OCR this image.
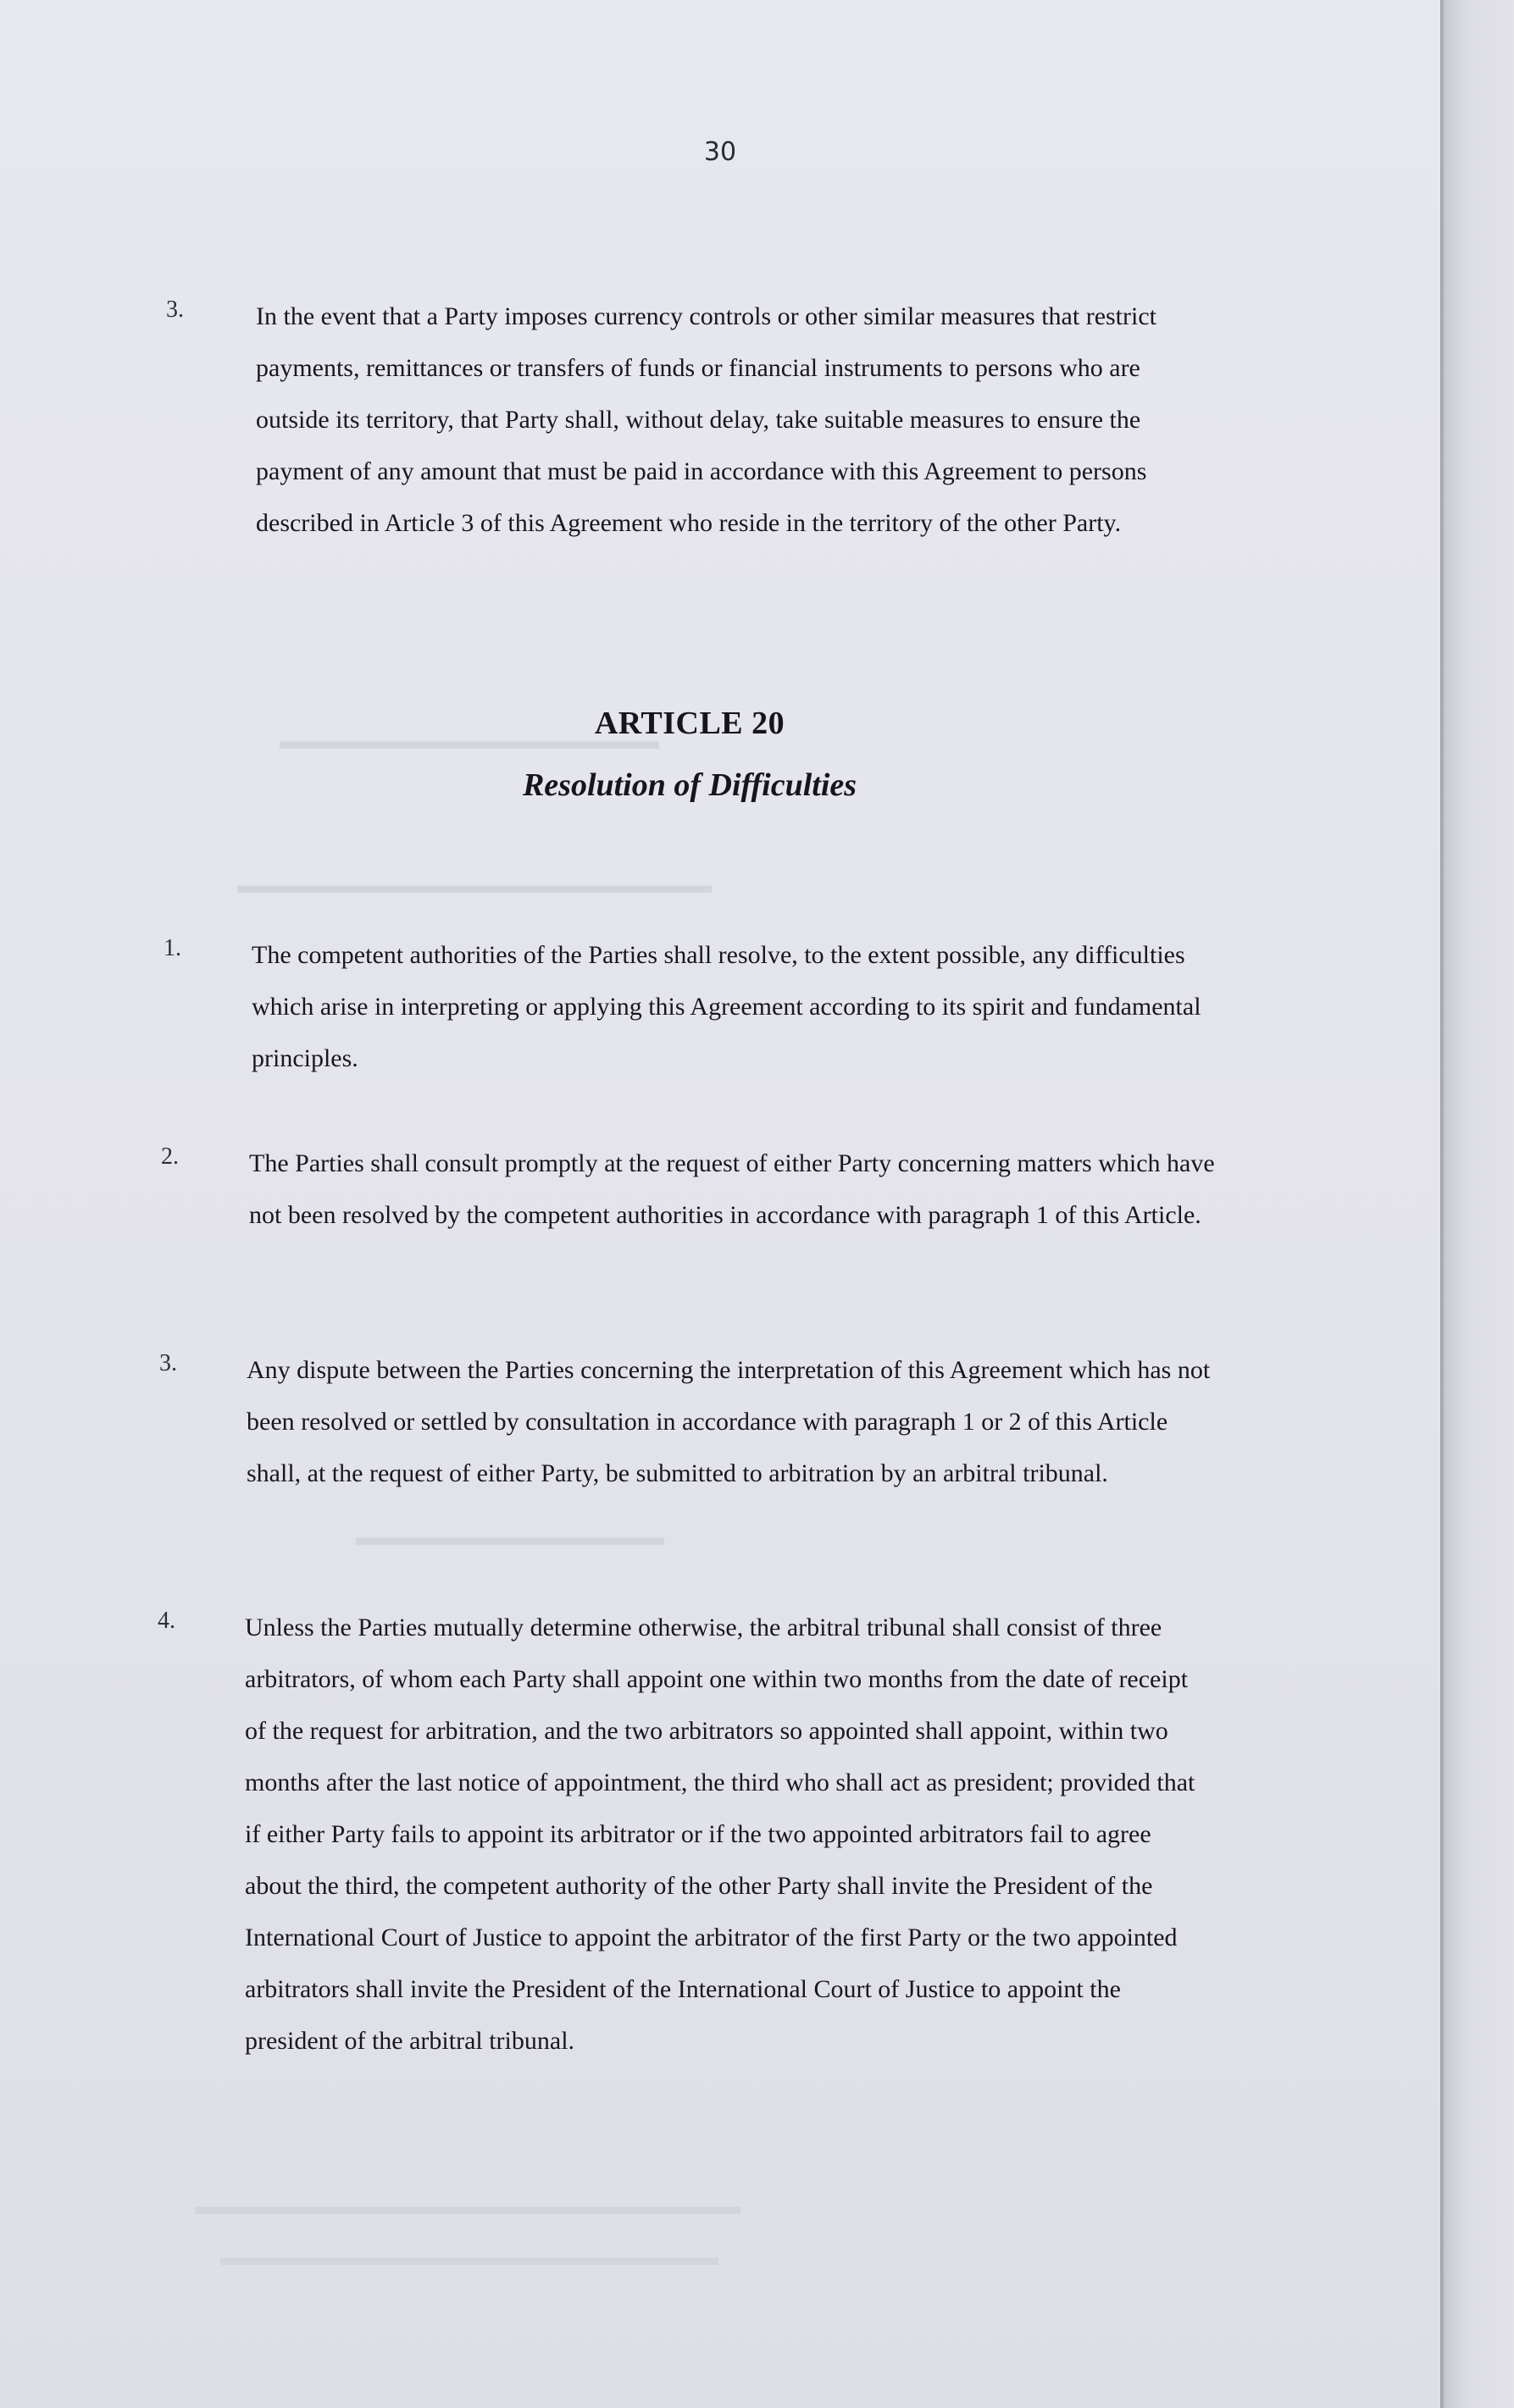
▬▬▬▬▬▬▬▬▬▬▬▬▬▬▬▬
▬▬▬▬▬▬▬▬▬▬▬▬▬▬▬▬▬▬▬▬
▬▬▬▬▬▬▬▬▬▬▬▬▬
▬▬▬▬▬▬▬▬▬▬▬▬▬▬▬▬▬▬▬▬▬▬▬
▬▬▬▬▬▬▬▬▬▬▬▬▬▬▬▬▬▬▬▬▬
30
3.	In the event that a Party imposes currency controls or other similar measures that restrict payments, remittances or transfers of funds or financial instruments to persons who are outside its territory, that Party shall, without delay, take suitable measures to ensure the payment of any amount that must be paid in accordance with this Agreement to persons described in Article 3 of this Agreement who reside in the territory of the other Party.
ARTICLE 20
Resolution of Difficulties
1.	The competent authorities of the Parties shall resolve, to the extent possible, any difficulties which arise in interpreting or applying this Agreement according to its spirit and fundamental principles.
2.	The Parties shall consult promptly at the request of either Party concerning matters which have not been resolved by the competent authorities in accordance with paragraph 1 of this Article.
3.	Any dispute between the Parties concerning the interpretation of this Agreement which has not been resolved or settled by consultation in accordance with paragraph 1 or 2 of this Article shall, at the request of either Party, be submitted to arbitration by an arbitral tribunal.
4.	Unless the Parties mutually determine otherwise, the arbitral tribunal shall consist of three arbitrators, of whom each Party shall appoint one within two months from the date of receipt of the request for arbitration, and the two arbitrators so appointed shall appoint, within two months after the last notice of appointment, the third who shall act as president; provided that if either Party fails to appoint its arbitrator or if the two appointed arbitrators fail to agree about the third, the competent authority of the other Party shall invite the President of the International Court of Justice to appoint the arbitrator of the first Party or the two appointed arbitrators shall invite the President of the International Court of Justice to appoint the president of the arbitral tribunal.
